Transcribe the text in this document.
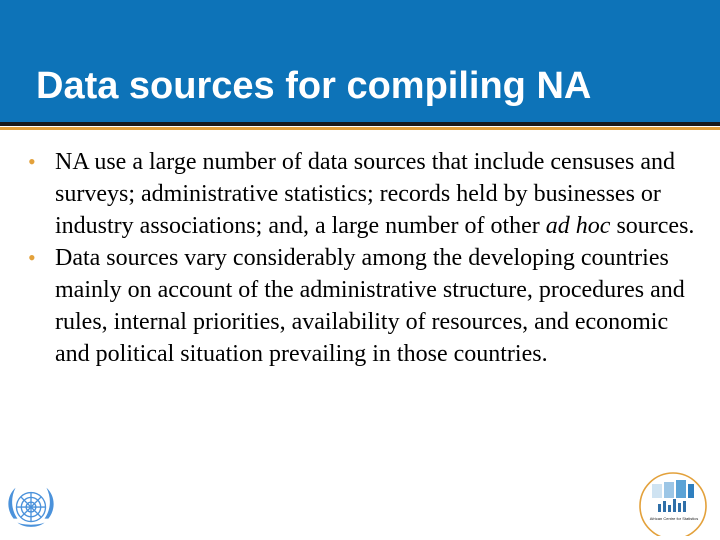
Data sources for compiling NA
• NA use a large number of data sources that include censuses and surveys; administrative statistics; records held by businesses or industry associations; and, a large number of other ad hoc sources.
• Data sources vary considerably among the developing countries mainly on account of the administrative structure, procedures and rules, internal priorities, availability of resources, and economic and political situation prevailing in those countries.
African Centre for Statistics
